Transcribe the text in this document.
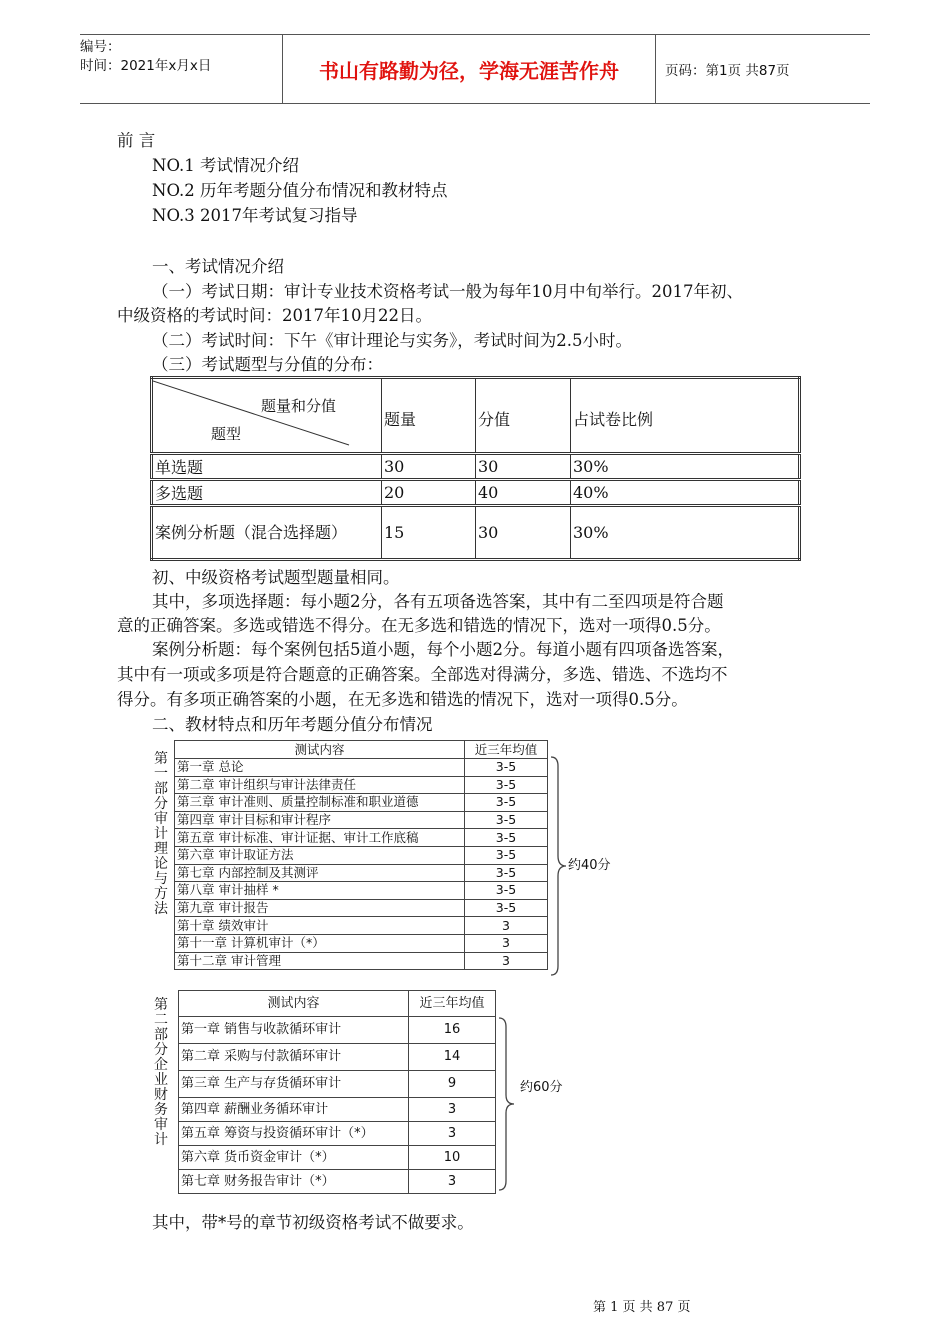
编号：
时间：2021年x月x日	书山有路勤为径，学海无涯苦作舟	页码：第1页 共87页
前 言
NO.1 考试情况介绍
NO.2 历年考题分值分布情况和教材特点
NO.3 2017年考试复习指导
一、考试情况介绍
（一）考试日期：审计专业技术资格考试一般为每年10月中旬举行。2017年初、
中级资格的考试时间：2017年10月22日。
（二）考试时间：下午《审计理论与实务》，考试时间为2.5小时。
（三）考试题型与分值的分布：
题量和分值
题型	题量	分值	占试卷比例
单选题	30	30	30%
多选题	20	40	40%
案例分析题（混合选择题）	15	30	30%
初、中级资格考试题型题量相同。
其中，多项选择题：每小题2分，各有五项备选答案，其中有二至四项是符合题
意的正确答案。多选或错选不得分。在无多选和错选的情况下，选对一项得0.5分。
案例分析题：每个案例包括5道小题，每个小题2分。每道小题有四项备选答案，
其中有一项或多项是符合题意的正确答案。全部选对得满分，多选、错选、不选均不
得分。有多项正确答案的小题，在无多选和错选的情况下，选对一项得0.5分。
二、教材特点和历年考题分值分布情况
第一部分 审计理论与方法
测试内容	近三年均值
第一章 总论	3-5
第二章 审计组织与审计法律责任	3-5
第三章 审计准则、质量控制标准和职业道德	3-5
第四章 审计目标和审计程序	3-5
第五章 审计标准、审计证据、审计工作底稿	3-5
第六章 审计取证方法	3-5
第七章 内部控制及其测评	3-5
第八章 审计抽样 *	3-5
第九章 审计报告	3-5
第十章 绩效审计	3
第十一章 计算机审计（*）	3
第十二章 审计管理	3
约40分
第二部分 企业财务审计
测试内容	近三年均值
第一章 销售与收款循环审计	16
第二章 采购与付款循环审计	14
第三章 生产与存货循环审计	9
第四章 薪酬业务循环审计	3
第五章 筹资与投资循环审计（*）	3
第六章 货币资金审计（*）	10
第七章 财务报告审计（*）	3
约60分
其中，带*号的章节初级资格考试不做要求。
第 1 页 共 87 页
